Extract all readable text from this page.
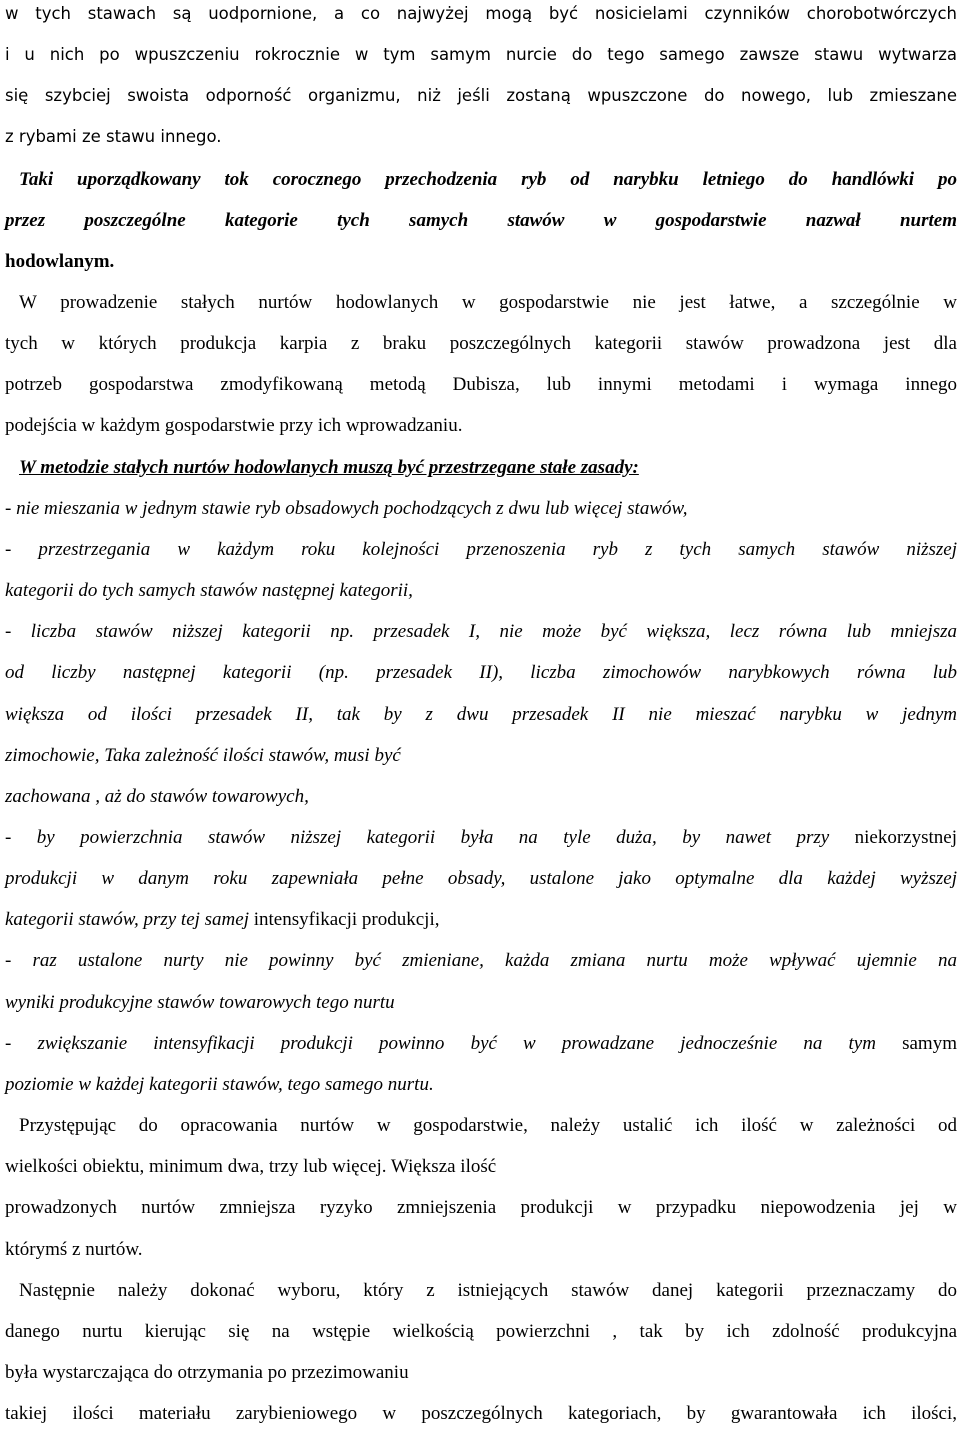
w tych stawach są uodpornione, a co najwyżej mogą być nosicielami czynników chorobotwórczych
i u nich po wpuszczeniu rokrocznie w tym samym nurcie do tego samego zawsze stawu wytwarza
się szybciej swoista odporność organizmu, niż jeśli zostaną wpuszczone do nowego, lub zmieszane
z rybami ze stawu innego.
Taki uporządkowany tok corocznego przechodzenia ryb od narybku letniego do handlówki po
przez poszczególne kategorie tych samych stawów w gospodarstwie nazwał nurtem
hodowlanym.
W prowadzenie stałych nurtów hodowlanych w gospodarstwie nie jest łatwe, a szczególnie w
tych w których produkcja karpia z braku poszczególnych kategorii stawów prowadzona jest dla
potrzeb gospodarstwa zmodyfikowaną metodą Dubisza, lub innymi metodami i wymaga innego
podejścia w każdym gospodarstwie przy ich wprowadzaniu.
W metodzie stałych nurtów hodowlanych muszą być przestrzegane stałe zasady:
- nie mieszania w jednym stawie ryb obsadowych pochodzących z dwu lub więcej stawów,
- przestrzegania w każdym roku kolejności przenoszenia ryb z tych samych stawów niższej
kategorii do tych samych stawów następnej kategorii,
- liczba stawów niższej kategorii np. przesadek I, nie może być większa, lecz równa lub mniejsza
od liczby następnej kategorii (np. przesadek II), liczba zimochowów narybkowych równa lub
większa od ilości przesadek II, tak by z dwu przesadek II nie mieszać narybku w jednym
zimochowie, Taka zależność ilości stawów, musi być
zachowana , aż do stawów towarowych,
- by powierzchnia stawów niższej kategorii była na tyle duża, by nawet przy niekorzystnej
produkcji w danym roku zapewniała pełne obsady, ustalone jako optymalne dla każdej wyższej
kategorii stawów, przy tej samej intensyfikacji produkcji,
- raz ustalone nurty nie powinny być zmieniane, każda zmiana nurtu może wpływać ujemnie na
wyniki produkcyjne stawów towarowych tego nurtu
- zwiększanie intensyfikacji produkcji powinno być w prowadzane jednocześnie na tym samym
poziomie w każdej kategorii stawów, tego samego nurtu.
Przystępując do opracowania nurtów w gospodarstwie, należy ustalić ich ilość w zależności od
wielkości obiektu, minimum dwa, trzy lub więcej. Większa ilość
prowadzonych nurtów zmniejsza ryzyko zmniejszenia produkcji w przypadku niepowodzenia jej w
którymś z nurtów.
Następnie należy dokonać wyboru, który z istniejących stawów danej kategorii przeznaczamy do
danego nurtu kierując się na wstępie wielkością powierzchni , tak by ich zdolność produkcyjna
była wystarczająca do otrzymania po przezimowaniu
takiej ilości materiału zarybieniowego w poszczególnych kategoriach, by gwarantowała ich ilości,
